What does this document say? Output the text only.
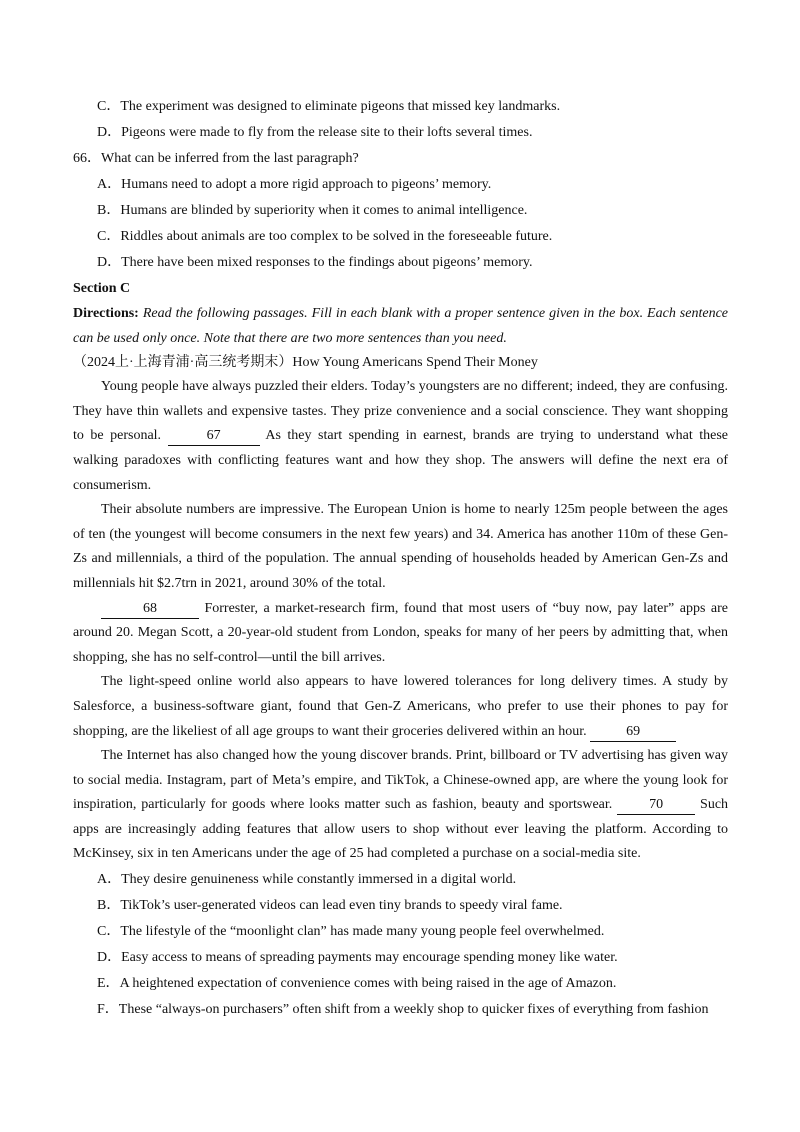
C．The experiment was designed to eliminate pigeons that missed key landmarks.
D．Pigeons were made to fly from the release site to their lofts several times.
66．What can be inferred from the last paragraph?
A．Humans need to adopt a more rigid approach to pigeons’ memory.
B．Humans are blinded by superiority when it comes to animal intelligence.
C．Riddles about animals are too complex to be solved in the foreseeable future.
D．There have been mixed responses to the findings about pigeons’ memory.
Section C
Directions: Read the following passages. Fill in each blank with a proper sentence given in the box. Each sentence can be used only once. Note that there are two more sentences than you need.
（2024上·上海青浦·高三统考期末）How Young Americans Spend Their Money
Young people have always puzzled their elders. Today’s youngsters are no different; indeed, they are confusing. They have thin wallets and expensive tastes. They prize convenience and a social conscience. They want shopping to be personal.	67	As they start spending in earnest, brands are trying to understand what these walking paradoxes with conflicting features want and how they shop. The answers will define the next era of consumerism.
Their absolute numbers are impressive. The European Union is home to nearly 125m people between the ages of ten (the youngest will become consumers in the next few years) and 34. America has another 110m of these Gen-Zs and millennials, a third of the population. The annual spending of households headed by American Gen-Zs and millennials hit $2.7trn in 2021, around 30% of the total.
68	Forrester, a market-research firm, found that most users of “buy now, pay later” apps are around 20. Megan Scott, a 20-year-old student from London, speaks for many of her peers by admitting that, when shopping, she has no self-control—until the bill arrives.
The light-speed online world also appears to have lowered tolerances for long delivery times. A study by Salesforce, a business-software giant, found that Gen-Z Americans, who prefer to use their phones to pay for shopping, are the likeliest of all age groups to want their groceries delivered within an hour.	69
The Internet has also changed how the young discover brands. Print, billboard or TV advertising has given way to social media. Instagram, part of Meta’s empire, and TikTok, a Chinese-owned app, are where the young look for inspiration, particularly for goods where looks matter such as fashion, beauty and sportswear.	70	Such apps are increasingly adding features that allow users to shop without ever leaving the platform. According to McKinsey, six in ten Americans under the age of 25 had completed a purchase on a social-media site.
A．They desire genuineness while constantly immersed in a digital world.
B．TikTok’s user-generated videos can lead even tiny brands to speedy viral fame.
C．The lifestyle of the “moonlight clan” has made many young people feel overwhelmed.
D．Easy access to means of spreading payments may encourage spending money like water.
E．A heightened expectation of convenience comes with being raised in the age of Amazon.
F．These “always-on purchasers” often shift from a weekly shop to quicker fixes of everything from fashion
